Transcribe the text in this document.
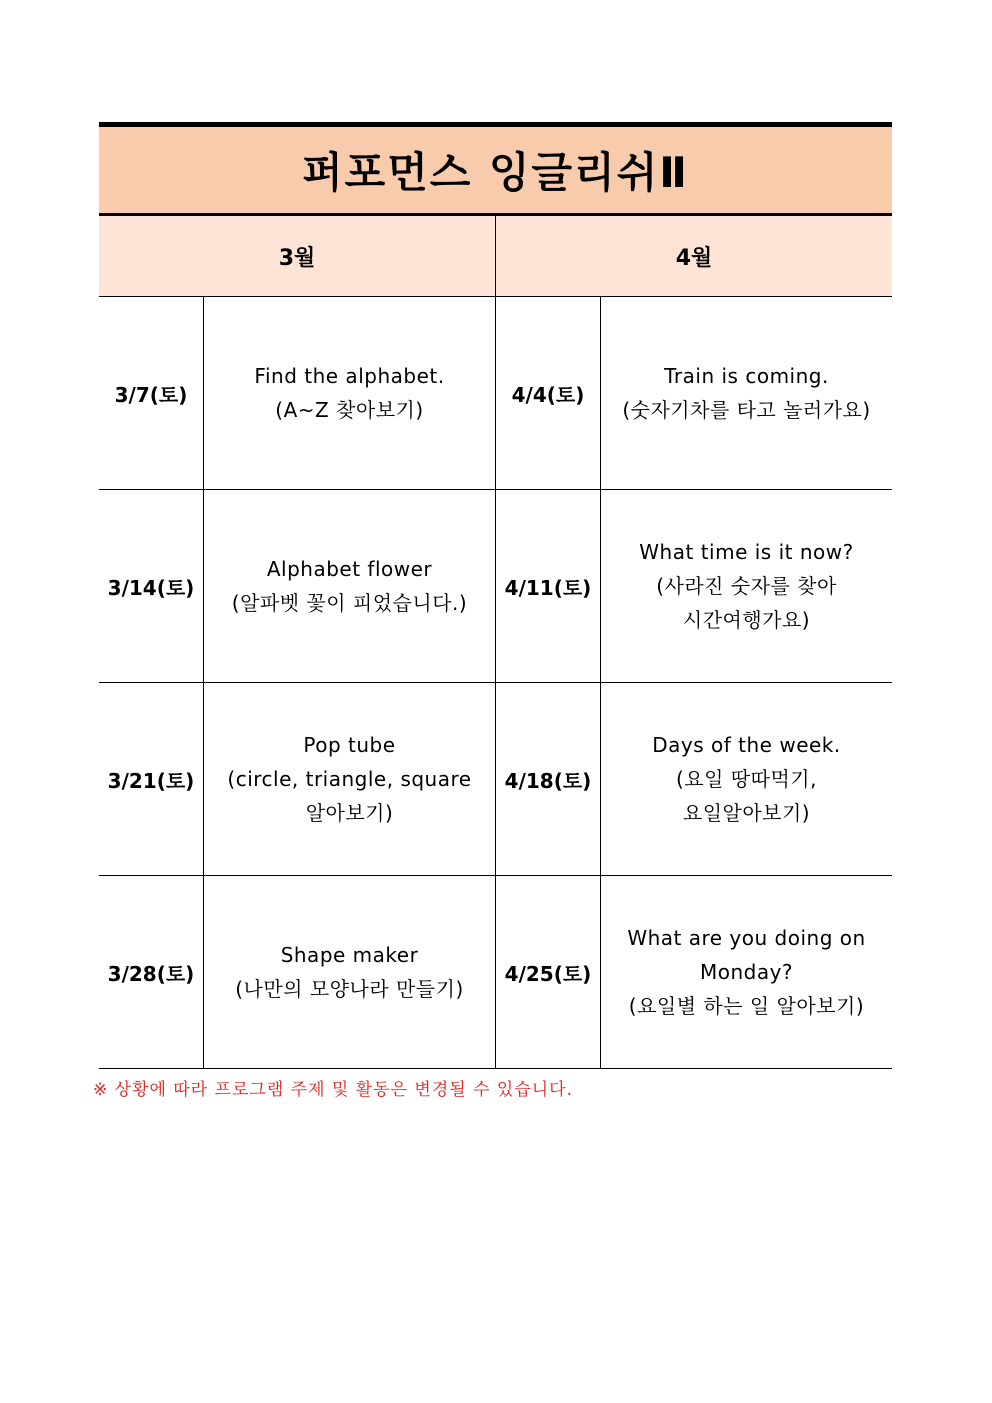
퍼포먼스 잉글리쉬Ⅱ
3월	4월
3/7(토)
Find the alphabet.
(A~Z 찾아보기)
4/4(토)
Train is coming.
(숫자기차를 타고 놀러가요)
3/14(토)
Alphabet flower
(알파벳 꽃이 피었습니다.)
4/11(토)
What time is it now?
(사라진 숫자를 찾아
시간여행가요)
3/21(토)
Pop tube
(circle, triangle, square
알아보기)
4/18(토)
Days of the week.
(요일 땅따먹기,
요일알아보기)
3/28(토)
Shape maker
(나만의 모양나라 만들기)
4/25(토)
What are you doing on
Monday?
(요일별 하는 일 알아보기)
※ 상황에 따라 프로그램 주제 및 활동은 변경될 수 있습니다.
